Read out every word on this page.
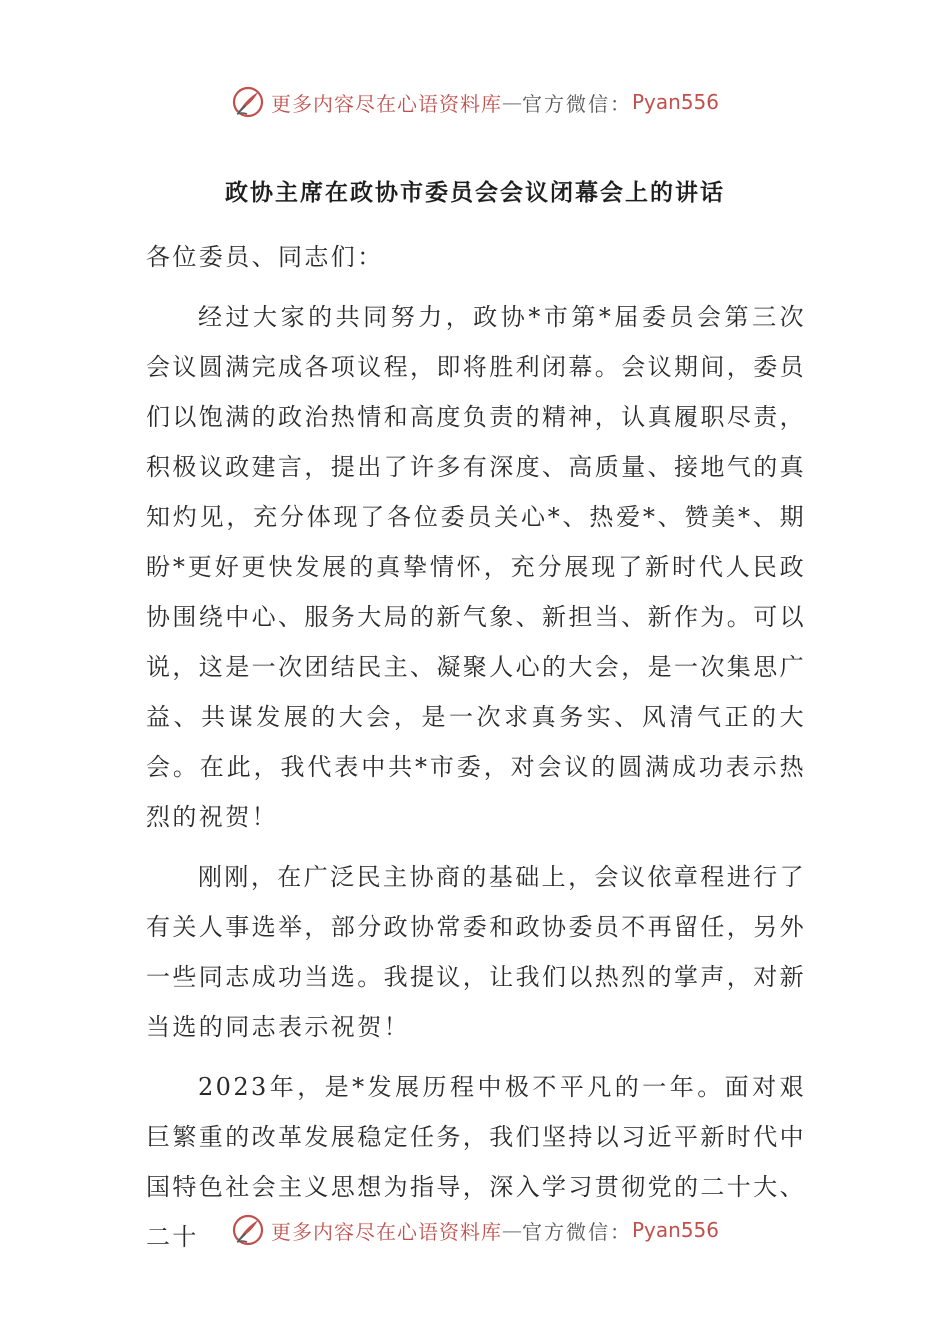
更多内容尽在心语资料库 — 官方微信： Pyan556
政协主席在政协市委员会会议闭幕会上的讲话

各位委员、同志们：

经过大家的共同努力，政协*市第*届委员会第三次会议圆满完成各项议程，即将胜利闭幕。会议期间，委员们以饱满的政治热情和高度负责的精神，认真履职尽责，积极议政建言，提出了许多有深度、高质量、接地气的真知灼见，充分体现了各位委员关心*、热爱*、赞美*、期盼*更好更快发展的真挚情怀，充分展现了新时代人民政协围绕中心、服务大局的新气象、新担当、新作为。可以说，这是一次团结民主、凝聚人心的大会，是一次集思广益、共谋发展的大会，是一次求真务实、风清气正的大会。在此，我代表中共*市委，对会议的圆满成功表示热烈的祝贺！

刚刚，在广泛民主协商的基础上，会议依章程进行了有关人事选举，部分政协常委和政协委员不再留任，另外一些同志成功当选。我提议，让我们以热烈的掌声，对新当选的同志表示祝贺！

2023年，是*发展历程中极不平凡的一年。面对艰巨繁重的改革发展稳定任务，我们坚持以习近平新时代中国特色社会主义思想为指导，深入学习贯彻党的二十大、二十	更多内容尽在心语资料库 — 官方微信： Pyan556
